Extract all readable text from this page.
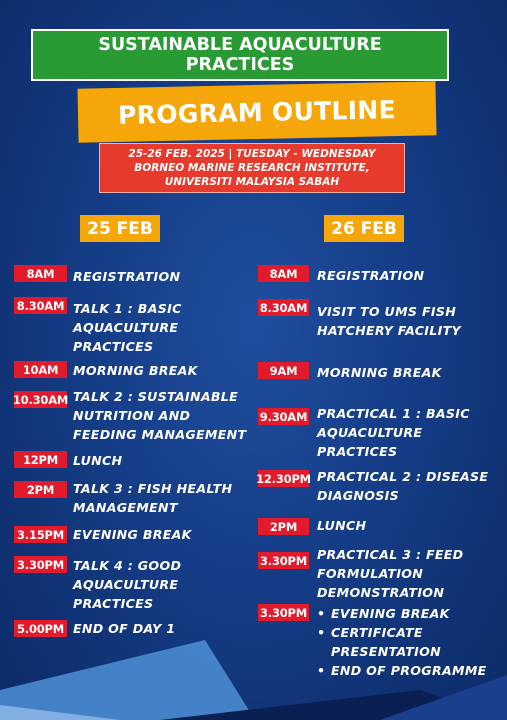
SUSTAINABLE AQUACULTURE
PRACTICES
PROGRAM OUTLINE
25-26 FEB. 2025 | TUESDAY - WEDNESDAY
BORNEO MARINE RESEARCH INSTITUTE,
UNIVERSITI MALAYSIA SABAH
25 FEB
8AM	REGISTRATION
8.30AM TALK 1 : BASIC AQUACULTURE PRACTICES
10AM	MORNING BREAK
10.30AM TALK 2 : SUSTAINABLE NUTRITION AND FEEDING MANAGEMENT
12PM	LUNCH
2PM	TALK 3 : FISH HEALTH MANAGEMENT
3.15PM EVENING BREAK
3.30PM TALK 4 : GOOD AQUACULTURE PRACTICES
5.00PM END OF DAY 1
26 FEB
8AM	REGISTRATION
8.30AM VISIT TO UMS FISH HATCHERY FACILITY
9AM	MORNING BREAK
9.30AM PRACTICAL 1 : BASIC AQUACULTURE PRACTICES
12.30PM PRACTICAL 2 : DISEASE DIAGNOSIS
2PM	LUNCH
3.30PM PRACTICAL 3 : FEED FORMULATION DEMONSTRATION
3.30PM
•	EVENING BREAK
• CERTIFICATE PRESENTATION
• END OF PROGRAMME
